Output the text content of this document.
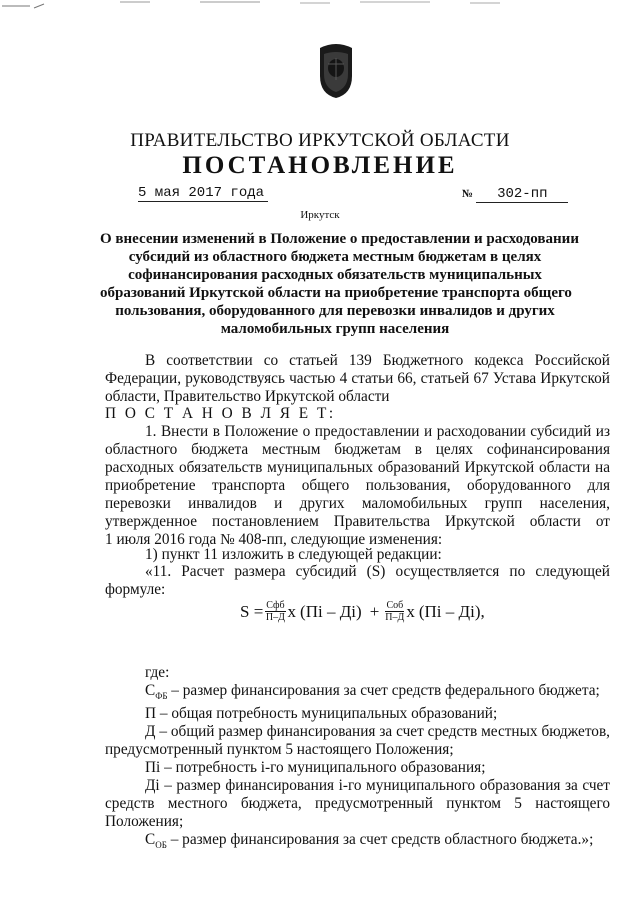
ПРАВИТЕЛЬСТВО ИРКУТСКОЙ ОБЛАСТИ
ПОСТАНОВЛЕНИЕ
5 мая 2017 года	№ 302-пп
Иркутск
О внесении изменений в Положение о предоставлении и расходовании
субсидий из областного бюджета местным бюджетам в целях
софинансирования расходных обязательств муниципальных
образований Иркутской области на приобретение транспорта общего
пользования, оборудованного для перевозки инвалидов и других
маломобильных групп населения
В соответствии со статьей 139 Бюджетного кодекса Российской
Федерации, руководствуясь частью 4 статьи 66, статьей 67 Устава Иркутской
области, Правительство Иркутской области
П О С Т А Н О В Л Я Е Т:
1. Внести в Положение о предоставлении и расходовании субсидий из
областного бюджета местным бюджетам в целях софинансирования
расходных обязательств муниципальных образований Иркутской области на
приобретение транспорта общего пользования, оборудованного для
перевозки инвалидов и других маломобильных групп населения,
утвержденное постановлением Правительства Иркутской области от
1 июля 2016 года № 408-пп, следующие изменения:
1) пункт 11 изложить в следующей редакции:
«11. Расчет размера субсидий (S) осуществляется по следующей
формуле:
$S = \frac{\text{Сфб}}{П-Д}$ х $(Пi - Дi) + \frac{\text{Соб}}{П-Д}$ х (Пi – Дi),
где:
$С_{ФБ}$ – размер финансирования за счет средств федерального бюджета;
П – общая потребность муниципальных образований;
Д – общий размер финансирования за счет средств местных бюджетов,
предусмотренный пунктом 5 настоящего Положения;
Пi – потребность i-го муниципального образования;
Дi – размер финансирования i-го муниципального образования за счет
средств местного бюджета, предусмотренный пунктом 5 настоящего
Положения;
$С_{ОБ}$ – размер финансирования за счет средств областного бюджета.»;
